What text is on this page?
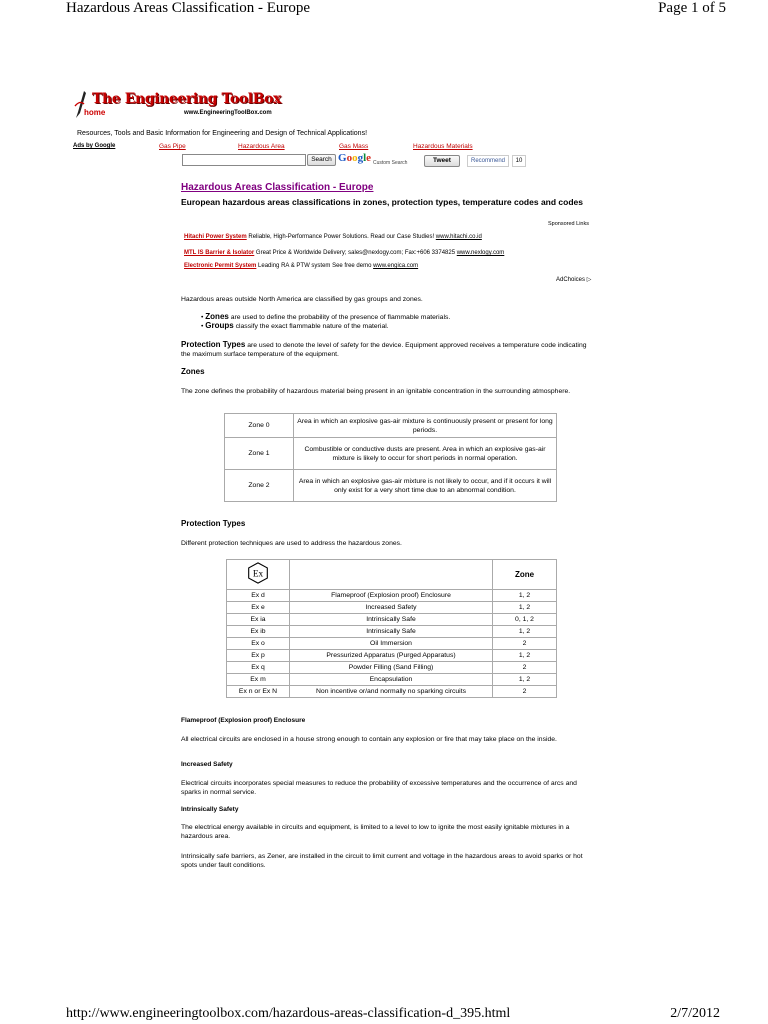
Hazardous Areas Classification - Europe	Page 1 of 5
http://www.engineeringtoolbox.com/hazardous-areas-classification-d_395.html	2/7/2012
The Engineering ToolBox
home	www.EngineeringToolBox.com
Resources, Tools and Basic Information for Engineering and Design of Technical Applications!
Ads by Google	Gas Pipe	Hazardous Area	Gas Mass	Hazardous Materials
Search Google Custom Search	Tweet	Recommend	10
Hazardous Areas Classification - Europe
European hazardous areas classifications in zones, protection types, temperature codes and codes
Sponsored Links
Hitachi Power System Reliable, High-Performance Power Solutions. Read our Case Studies! www.hitachi.co.id
MTL IS Barrier & Isolator Great Price & Worldwide Delivery; sales@nexlogy.com; Fax:+606 3374825 www.nexlogy.com
Electronic Permit System Leading RA & PTW system See free demo www.engica.com
AdChoices ▷
Hazardous areas outside North America are classified by gas groups and zones.
• Zones are used to define the probability of the presence of flammable materials.
• Groups classify the exact flammable nature of the material.
Protection Types are used to denote the level of safety for the device. Equipment approved receives a temperature code indicating the maximum surface temperature of the equipment.
Zones
The zone defines the probability of hazardous material being present in an ignitable concentration in the surrounding atmosphere.
Zone 0	Area in which an explosive gas-air mixture is continuously present or present for long periods.
Zone 1	Combustible or conductive dusts are present. Area in which an explosive gas-air mixture is likely to occur for short periods in normal operation.
Zone 2	Area in which an explosive gas-air mixture is not likely to occur, and if it occurs it will only exist for a very short time due to an abnormal condition.
Protection Types
Different protection techniques are used to address the hazardous zones.
Ex		Zone
Ex d	Flameproof (Explosion proof) Enclosure	1, 2
Ex e	Increased Safety	1, 2
Ex ia	Intrinsically Safe	0, 1, 2
Ex ib	Intrinsically Safe	1, 2
Ex o	Oil Immersion	2
Ex p	Pressurized Apparatus (Purged Apparatus)	1, 2
Ex q	Powder Filling (Sand Filling)	2
Ex m	Encapsulation	1, 2
Ex n or Ex N	Non incentive or/and normally no sparking circuits	2
Flameproof (Explosion proof) Enclosure
All electrical circuits are enclosed in a house strong enough to contain any explosion or fire that may take place on the inside.
Increased Safety
Electrical circuits incorporates special measures to reduce the probability of excessive temperatures and the occurrence of arcs and sparks in normal service.
Intrinsically Safety
The electrical energy available in circuits and equipment, is limited to a level to low to ignite the most easily ignitable mixtures in a hazardous area.
Intrinsically safe barriers, as Zener, are installed in the circuit to limit current and voltage in the hazardous areas to avoid sparks or hot spots under fault conditions.
